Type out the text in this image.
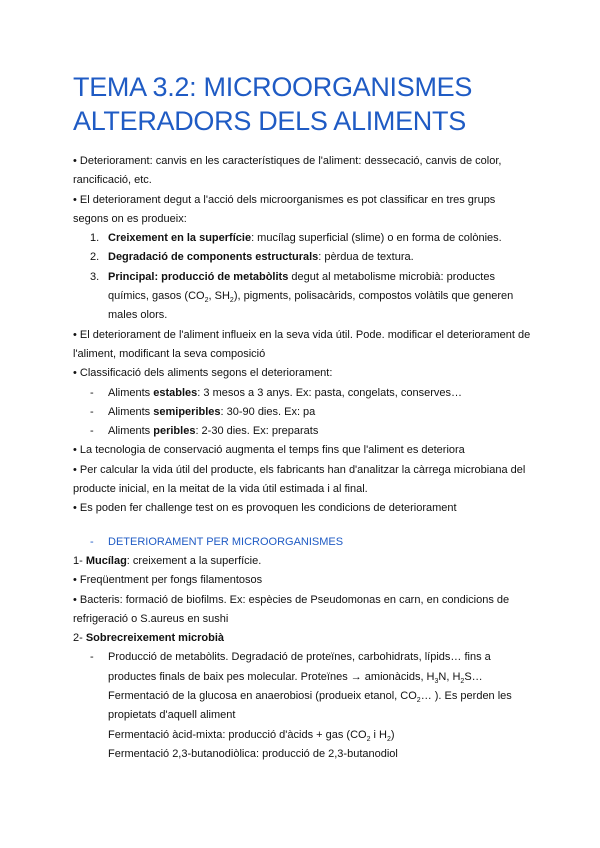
TEMA 3.2: MICROORGANISMES
ALTERADORS DELS ALIMENTS

• Deteriorament: canvis en les característiques de l'aliment: dessecació, canvis de color, rancificació, etc.

• El deteriorament degut a l'acció dels microorganismes es pot classificar en tres grups segons on es produeix:

1. Creixement en la superfície: mucílag superficial (slime) o en forma de colònies.
2. Degradació de components estructurals: pèrdua de textura.
3. Principal: producció de metabòlits degut al metabolisme microbià: productes químics, gasos ($CO_2$, $SH_2$), pigments, polisacàrids, compostos volàtils que generen males olors.

• El deteriorament de l'aliment influeix en la seva vida útil. Pode. modificar el deteriorament de l'aliment, modificant la seva composició

• Classificació dels aliments segons el deteriorament:

- Aliments estables: 3 mesos a 3 anys. Ex: pasta, congelats, conserves…
- Aliments semiperibles: 30-90 dies. Ex: pa
- Aliments peribles: 2-30 dies. Ex: preparats

• La tecnologia de conservació augmenta el temps fins que l'aliment es deteriora

• Per calcular la vida útil del producte, els fabricants han d'analitzar la càrrega microbiana del producte inicial, en la meitat de la vida útil estimada i al final.

• Es poden fer challenge test on es provoquen les condicions de deteriorament

- DETERIORAMENT PER MICROORGANISMES

1- Mucílag: creixement a la superfície.

• Freqüentment per fongs filamentosos

• Bacteris: formació de biofilms. Ex: espècies de Pseudomonas en carn, en condicions de refrigeració o S.aureus en sushi

2- Sobrecreixement microbià

- Producció de metabòlits. Degradació de proteïnes, carbohidrats, lípids… fins a productes finals de baix pes molecular. Proteïnes → amionàcids, $H_3N$, $H_2S\dots$
Fermentació de la glucosa en anaerobiosi (produeix etanol, $CO_2\dots$ ). Es perden les propietats d'aquell aliment
Fermentació àcid-mixta: producció d'àcids + gas ($CO_2$ i $H_2$)
Fermentació 2,3-butanodiòlica: producció de 2,3-butanodiol
